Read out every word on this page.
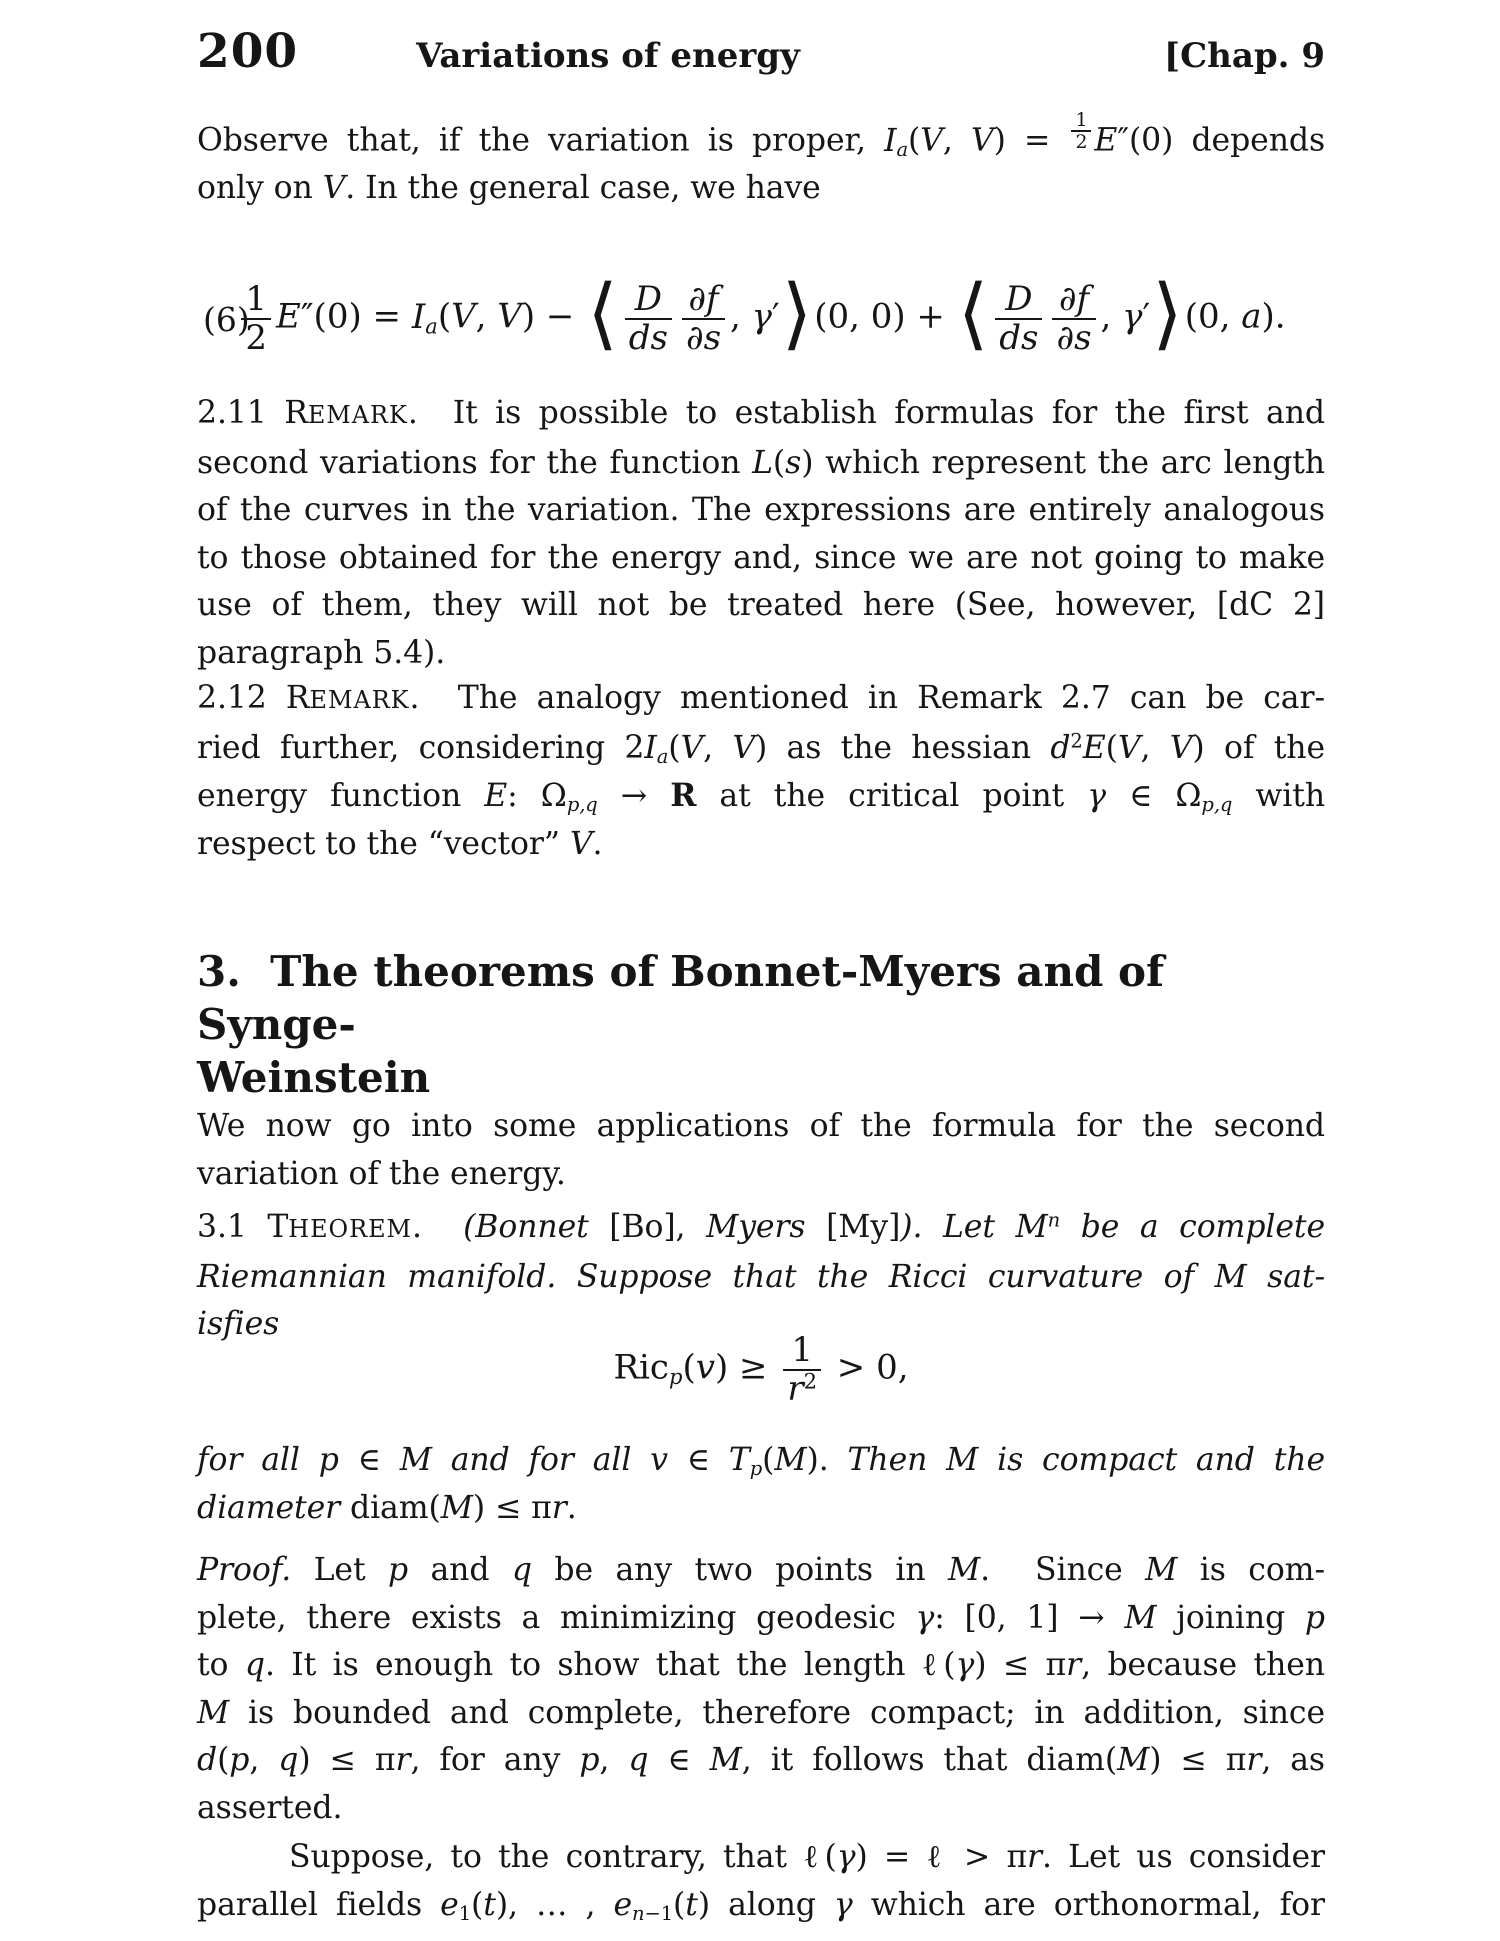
200	Variations of energy	[Chap. 9
Observe that, if the variation is proper, $I_a(V$, $V) = \frac{1}{2} E''(0)$ depends
only on V. In the general case, we have
(6)
$\frac{1}{2} E''(0) = I_a(V$, V) − ⟨ $\frac{D}{ds} \frac{\partial f}{\partial s}$ , γ′⟩(0, 0) + ⟨ $\frac{D}{ds} \frac{\partial f}{\partial s}$ , γ′⟩(0, a).
2.11 REMARK.  It is possible to establish formulas for the first and
second variations for the function L(s) which represent the arc length
of the curves in the variation. The expressions are entirely analogous
to those obtained for the energy and, since we are not going to make
use of them, they will not be treated here (See, however, [dC 2]
paragraph 5.4).
2.12 REMARK.  The analogy mentioned in Remark 2.7 can be car-
ried further, considering $2I_a(V$, V) as the hessian $d^2E(V$, V) of the
energy function E: $\Omega_{p,q} \to R$ at the critical point γ ∈ $\Omega_{p,q}$ with
respect to the “vector” V.
3.  The theorems of Bonnet-Myers and of Synge-
Weinstein
We now go into some applications of the formula for the second
variation of the energy.
3.1 THEOREM.  (Bonnet [Bo], Myers [My]). Let $M^n$ be a complete
Riemannian manifold. Suppose that the Ricci curvature of M sat-
isfies
$Ric_p(v) \ge \frac{1}{r^2} > 0$,
for all p ∈ M and for all v ∈ $T_p(M)$. Then M is compact and the
diameter diam(M) ≤ πr.
Proof. Let p and q be any two points in M.  Since M is com-
plete, there exists a minimizing geodesic γ: [0, 1] → M joining p
to q. It is enough to show that the length ℓ(γ) ≤ πr, because then
M is bounded and complete, therefore compact; in addition, since
d(p, q) ≤ πr, for any p, q ∈ M, it follows that diam(M) ≤ πr, as
asserted.
Suppose, to the contrary, that ℓ(γ) = ℓ > πr. Let us consider
parallel fields $e_1(t)$, … , $e_{n-1}(t)$ along γ which are orthonormal, for
